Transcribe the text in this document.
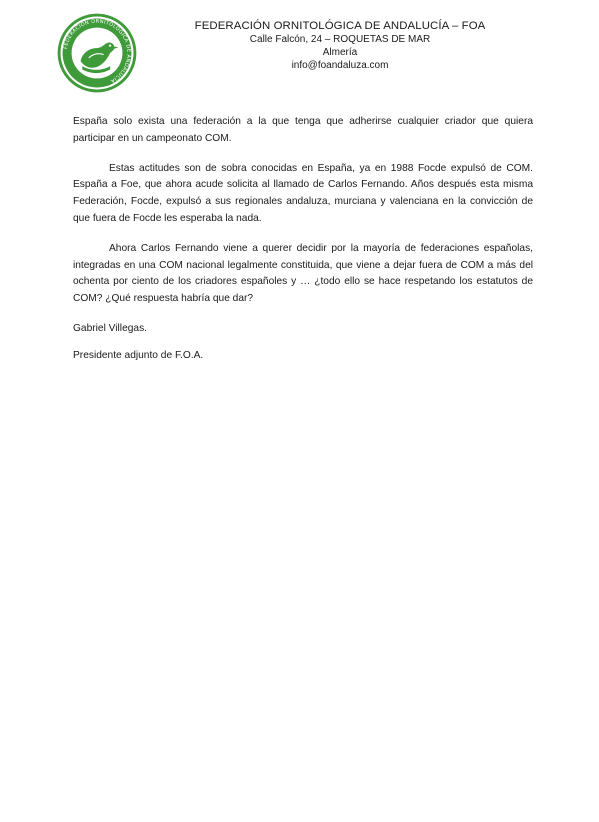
FEDERACIÓN ORNITOLÓGICA DE ANDALUCÍA
FEDERACIÓN ORNITOLÓGICA DE ANDALUCÍA – FOA
Calle Falcón, 24 – ROQUETAS DE MAR
Almería
info@foandaluza.com

España solo exista una federación a la que tenga que adherirse cualquier criador que quiera participar en un campeonato COM.

Estas actitudes son de sobra conocidas en España, ya en 1988 Focde expulsó de COM. España a Foe, que ahora acude solicita al llamado de Carlos Fernando. Años después esta misma Federación, Focde, expulsó a sus regionales andaluza, murciana y valenciana en la convicción de que fuera de Focde les esperaba la nada.

Ahora Carlos Fernando viene a querer decidir por la mayoría de federaciones españolas, integradas en una COM nacional legalmente constituida, que viene a dejar fuera de COM a más del ochenta por ciento de los criadores españoles y … ¿todo ello se hace respetando los estatutos de COM? ¿Qué respuesta habría que dar?

Gabriel Villegas.

Presidente adjunto de F.O.A.
